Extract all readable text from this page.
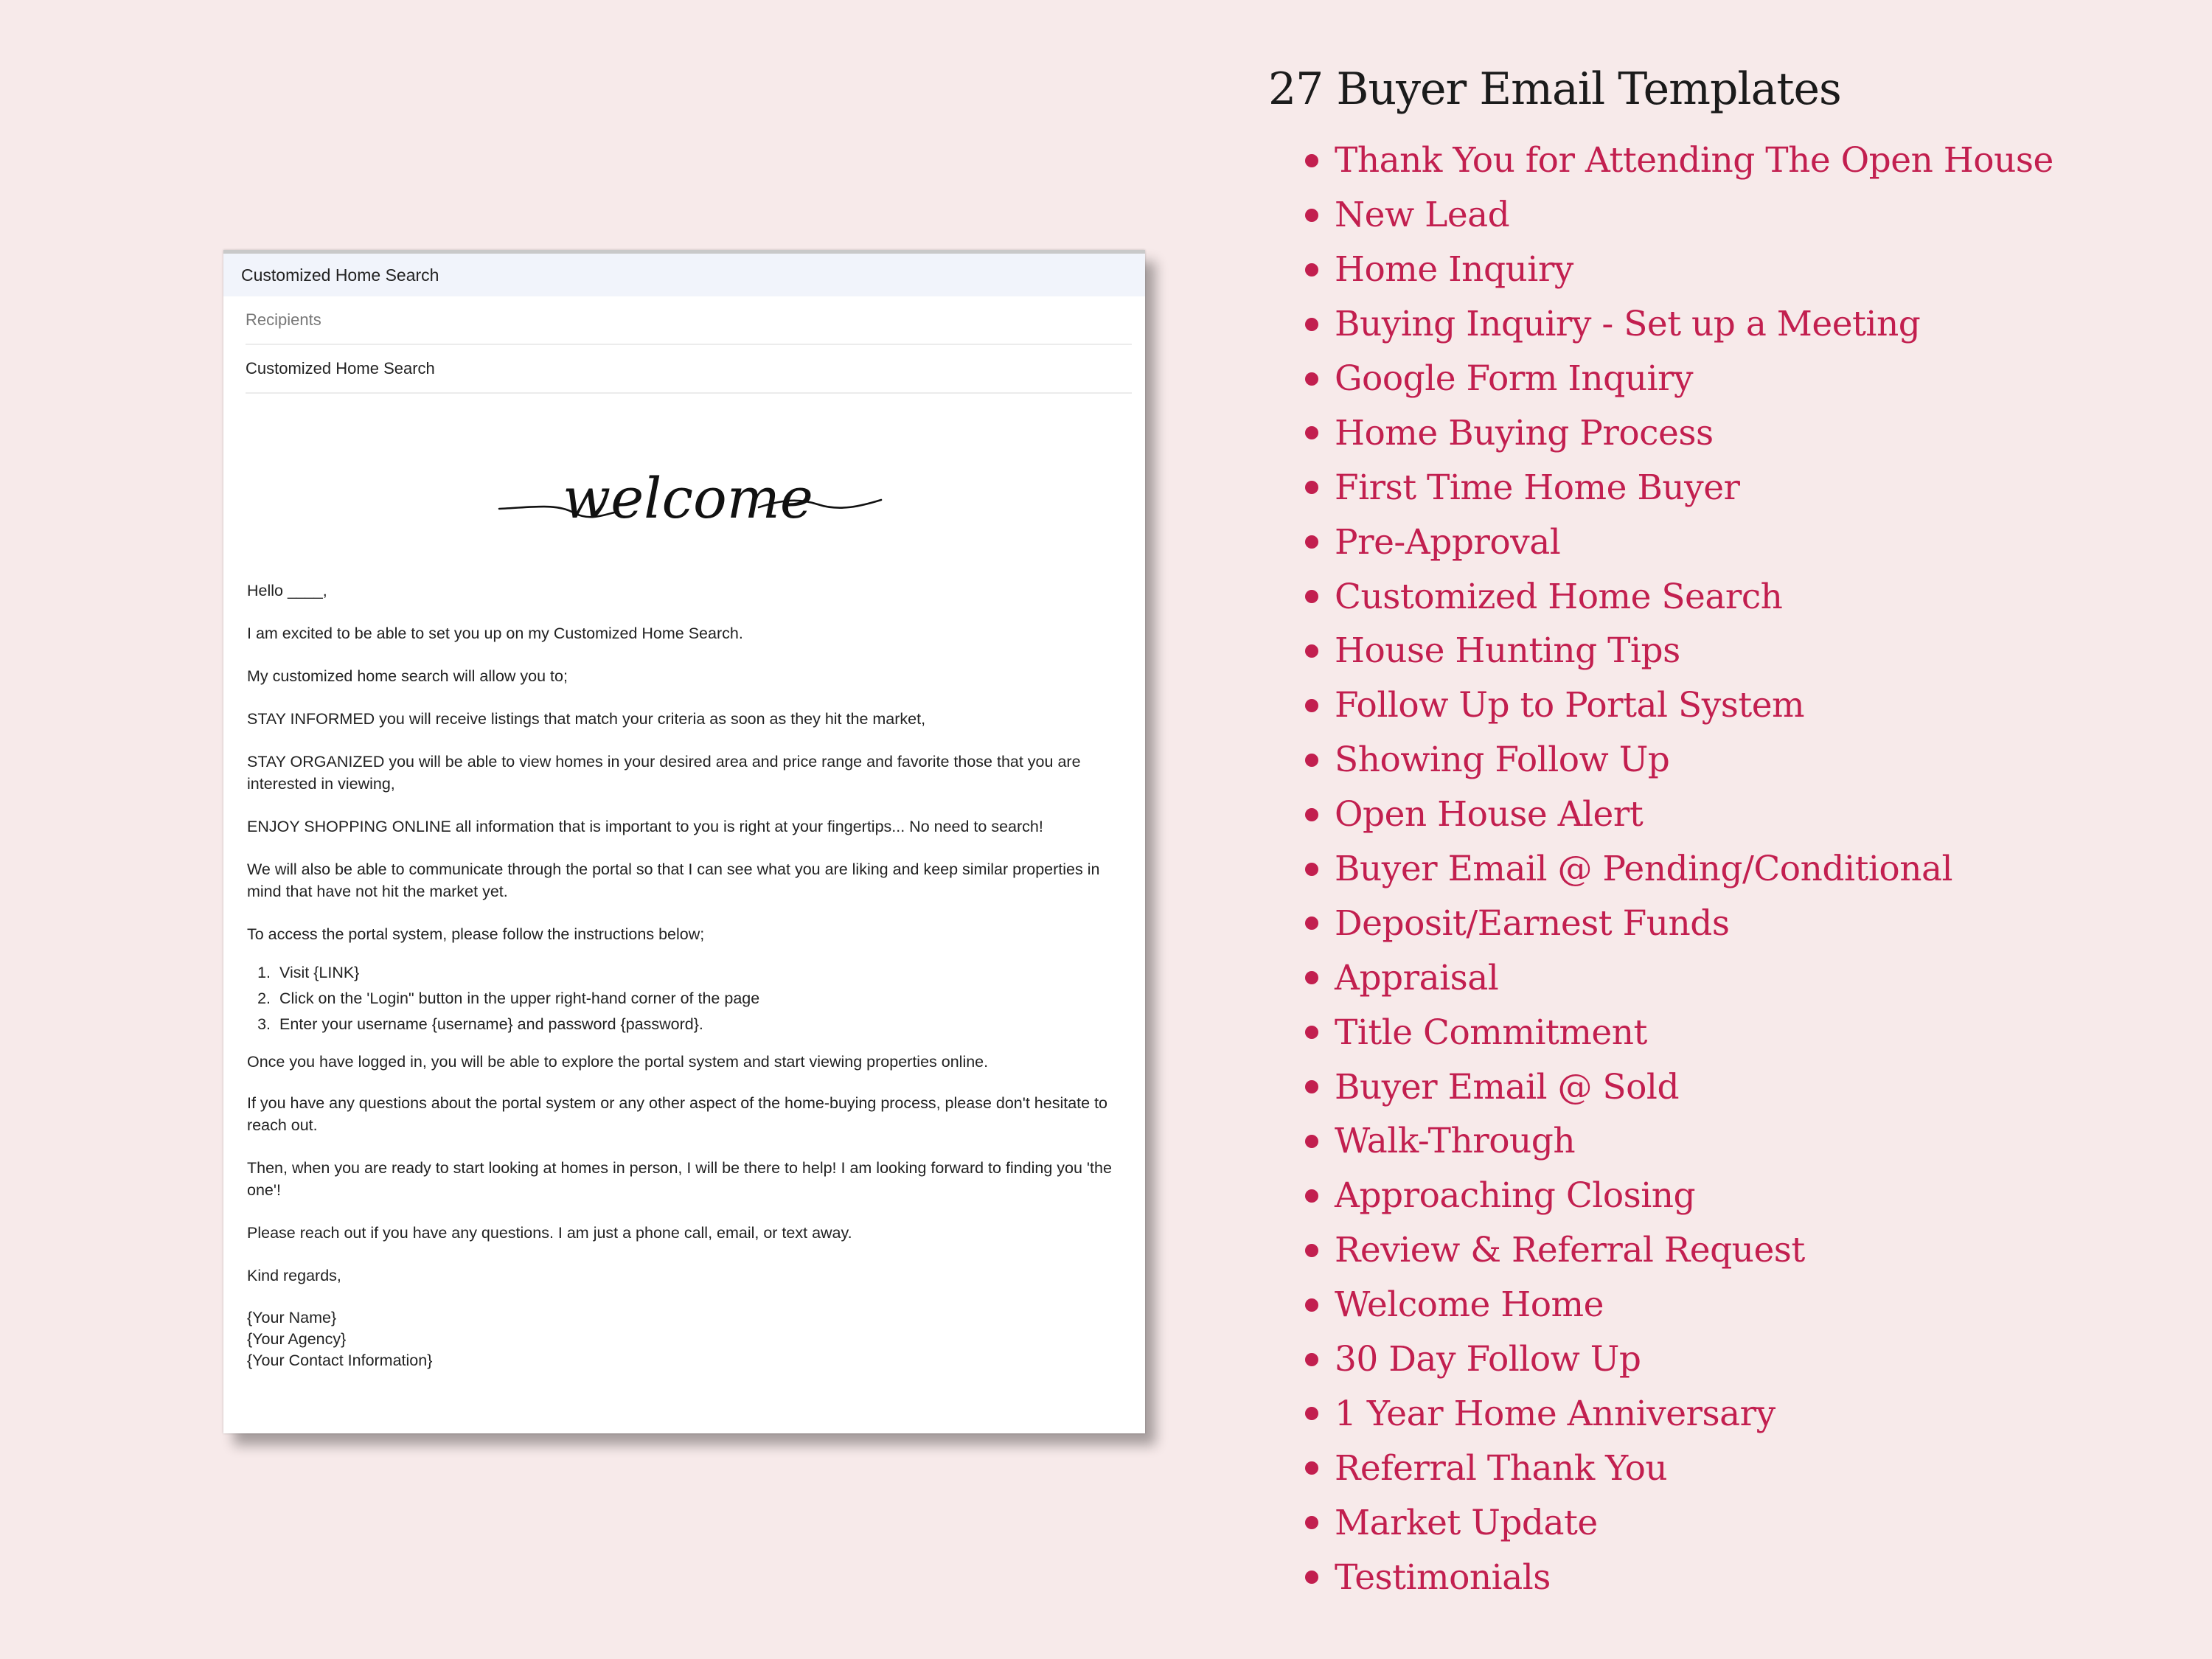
Customized Home Search
Recipients
Customized Home Search
welcome

Hello ____,

I am excited to be able to set you up on my Customized Home Search.

My customized home search will allow you to;

STAY INFORMED you will receive listings that match your criteria as soon as they hit the market,

STAY ORGANIZED you will be able to view homes in your desired area and price range and favorite those that you are interested in viewing,

ENJOY SHOPPING ONLINE all information that is important to you is right at your fingertips... No need to search!

We will also be able to communicate through the portal so that I can see what you are liking and keep similar properties in mind that have not hit the market yet.

To access the portal system, please follow the instructions below;

1. Visit {LINK}
2. Click on the 'Login" button in the upper right-hand corner of the page
3. Enter your username {username} and password {password}.

Once you have logged in, you will be able to explore the portal system and start viewing properties online.

If you have any questions about the portal system or any other aspect of the home-buying process, please don't hesitate to reach out.

Then, when you are ready to start looking at homes in person, I will be there to help! I am looking forward to finding you 'the one'!

Please reach out if you have any questions. I am just a phone call, email, or text away.

Kind regards,

{Your Name}
{Your Agency}
{Your Contact Information}

27 Buyer Email Templates
Thank You for Attending The Open House
New Lead
Home Inquiry
Buying Inquiry - Set up a Meeting
Google Form Inquiry
Home Buying Process
First Time Home Buyer
Pre-Approval
Customized Home Search
House Hunting Tips
Follow Up to Portal System
Showing Follow Up
Open House Alert
Buyer Email @ Pending/Conditional
Deposit/Earnest Funds
Appraisal
Title Commitment
Buyer Email @ Sold
Walk-Through
Approaching Closing
Review & Referral Request
Welcome Home
30 Day Follow Up
1 Year Home Anniversary
Referral Thank You
Market Update
Testimonials
